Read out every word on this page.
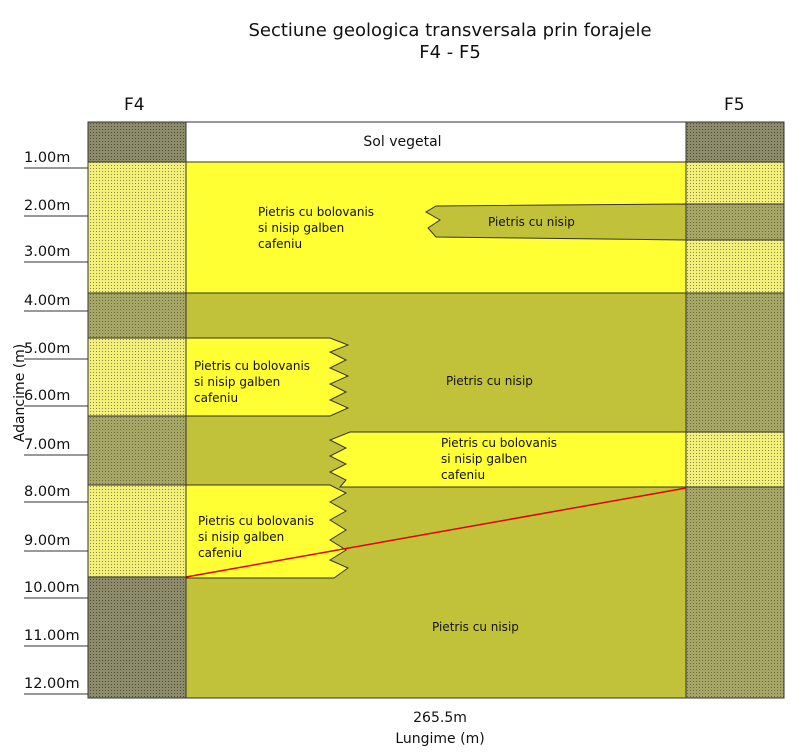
Sectiune geologica transversala prin forajele
F4 - F5
F4	F5
1.00m
2.00m
3.00m
4.00m
5.00m
6.00m
7.00m
8.00m
9.00m
10.00m
11.00m
12.00m
Adancime (m)
Sol vegetal
Pietris cu bolovanis
si nisip galben
cafeniu
Pietris cu nisip
Pietris cu bolovanis
si nisip galben
cafeniu
Pietris cu nisip
Pietris cu bolovanis
si nisip galben
cafeniu
Pietris cu bolovanis
si nisip galben
cafeniu
Pietris cu nisip
265.5m
Lungime (m)
